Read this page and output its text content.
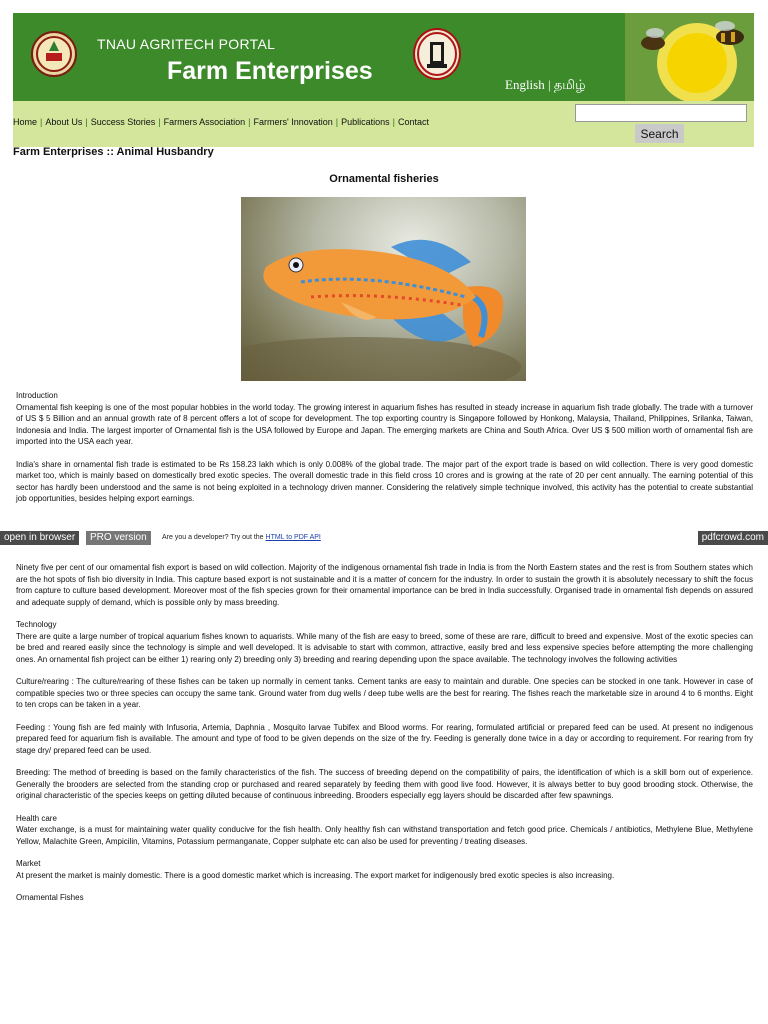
TNAU AGRITECH PORTAL
Farm Enterprises	English | தமிழ்
Home | About Us | Success Stories | Farmers Association | Farmers' Innovation | Publications | Contact
Search
Farm Enterprises :: Animal Husbandry
Ornamental fisheries

Introduction

Ornamental fish keeping is one of the most popular hobbies in the world today. The growing interest in aquarium fishes has resulted in steady increase in aquarium fish trade globally. The trade with a turnover of US $ 5 Billion and an annual growth rate of 8 percent offers a lot of scope for development. The top exporting country is Singapore followed by Honkong, Malaysia, Thailand, Philippines, Srilanka, Taiwan, Indonesia and India. The largest importer of Ornamental fish is the USA followed by Europe and Japan. The emerging markets are China and South Africa. Over US $ 500 million worth of ornamental fish are imported into the USA each year.

India's share in ornamental fish trade is estimated to be Rs 158.23 lakh which is only 0.008% of the global trade. The major part of the export trade is based on wild collection. There is very good domestic market too, which is mainly based on domestically bred exotic species. The overall domestic trade in this field cross 10 crores and is growing at the rate of 20 per cent annually. The earning potential of this sector has hardly been understood and the same is not being exploited in a technology driven manner. Considering the relatively simple technique involved, this activity has the potential to create substantial job opportunities, besides helping export earnings.

open in browser	PRO version	Are you a developer? Try out the HTML to PDF API	pdfcrowd.com

Ninety five per cent of our ornamental fish export is based on wild collection. Majority of the indigenous ornamental fish trade in India is from the North Eastern states and the rest is from Southern states which are the hot spots of fish bio diversity in India. This capture based export is not sustainable and it is a matter of concern for the industry. In order to sustain the growth it is absolutely necessary to shift the focus from capture to culture based development. Moreover most of the fish species grown for their ornamental importance can be bred in India successfully. Organised trade in ornamental fish depends on assured and adequate supply of demand, which is possible only by mass breeding.

Technology

There are quite a large number of tropical aquarium fishes known to aquarists. While many of the fish are easy to breed, some of these are rare, difficult to breed and expensive. Most of the exotic species can be bred and reared easily since the technology is simple and well developed. It is advisable to start with common, attractive, easily bred and less expensive species before attempting the more challenging ones. An ornamental fish project can be either 1) rearing only 2) breeding only 3) breeding and rearing depending upon the space available. The technology involves the following activities

Culture/rearing : The culture/rearing of these fishes can be taken up normally in cement tanks. Cement tanks are easy to maintain and durable. One species can be stocked in one tank. However in case of compatible species two or three species can occupy the same tank. Ground water from dug wells / deep tube wells are the best for rearing. The fishes reach the marketable size in around 4 to 6 months. Eight to ten crops can be taken in a year.

Feeding : Young fish are fed mainly with Infusoria, Artemia, Daphnia , Mosquito larvae Tubifex and Blood worms. For rearing, formulated artificial or prepared feed can be used. At present no indigenous prepared feed for aquarium fish is available. The amount and type of food to be given depends on the size of the fry. Feeding is generally done twice in a day or according to requirement. For rearing from fry stage dry/ prepared feed can be used.

Breeding: The method of breeding is based on the family characteristics of the fish. The success of breeding depend on the compatibility of pairs, the identification of which is a skill born out of experience. Generally the brooders are selected from the standing crop or purchased and reared separately by feeding them with good live food. However, it is always better to buy good brooding stock. Otherwise, the original characteristic of the species keeps on getting diluted because of continuous inbreeding. Brooders especially egg layers should be discarded after few spawnings.

Health care

Water exchange, is a must for maintaining water quality conducive for the fish health. Only healthy fish can withstand transportation and fetch good price. Chemicals / antibiotics, Methylene Blue, Methylene Yellow, Malachite Green, Ampicilin, Vitamins, Potassium permanganate, Copper sulphate etc can also be used for preventing / treating diseases.

Market

At present the market is mainly domestic. There is a good domestic market which is increasing. The export market for indigenously bred exotic species is also increasing.

Ornamental Fishes
